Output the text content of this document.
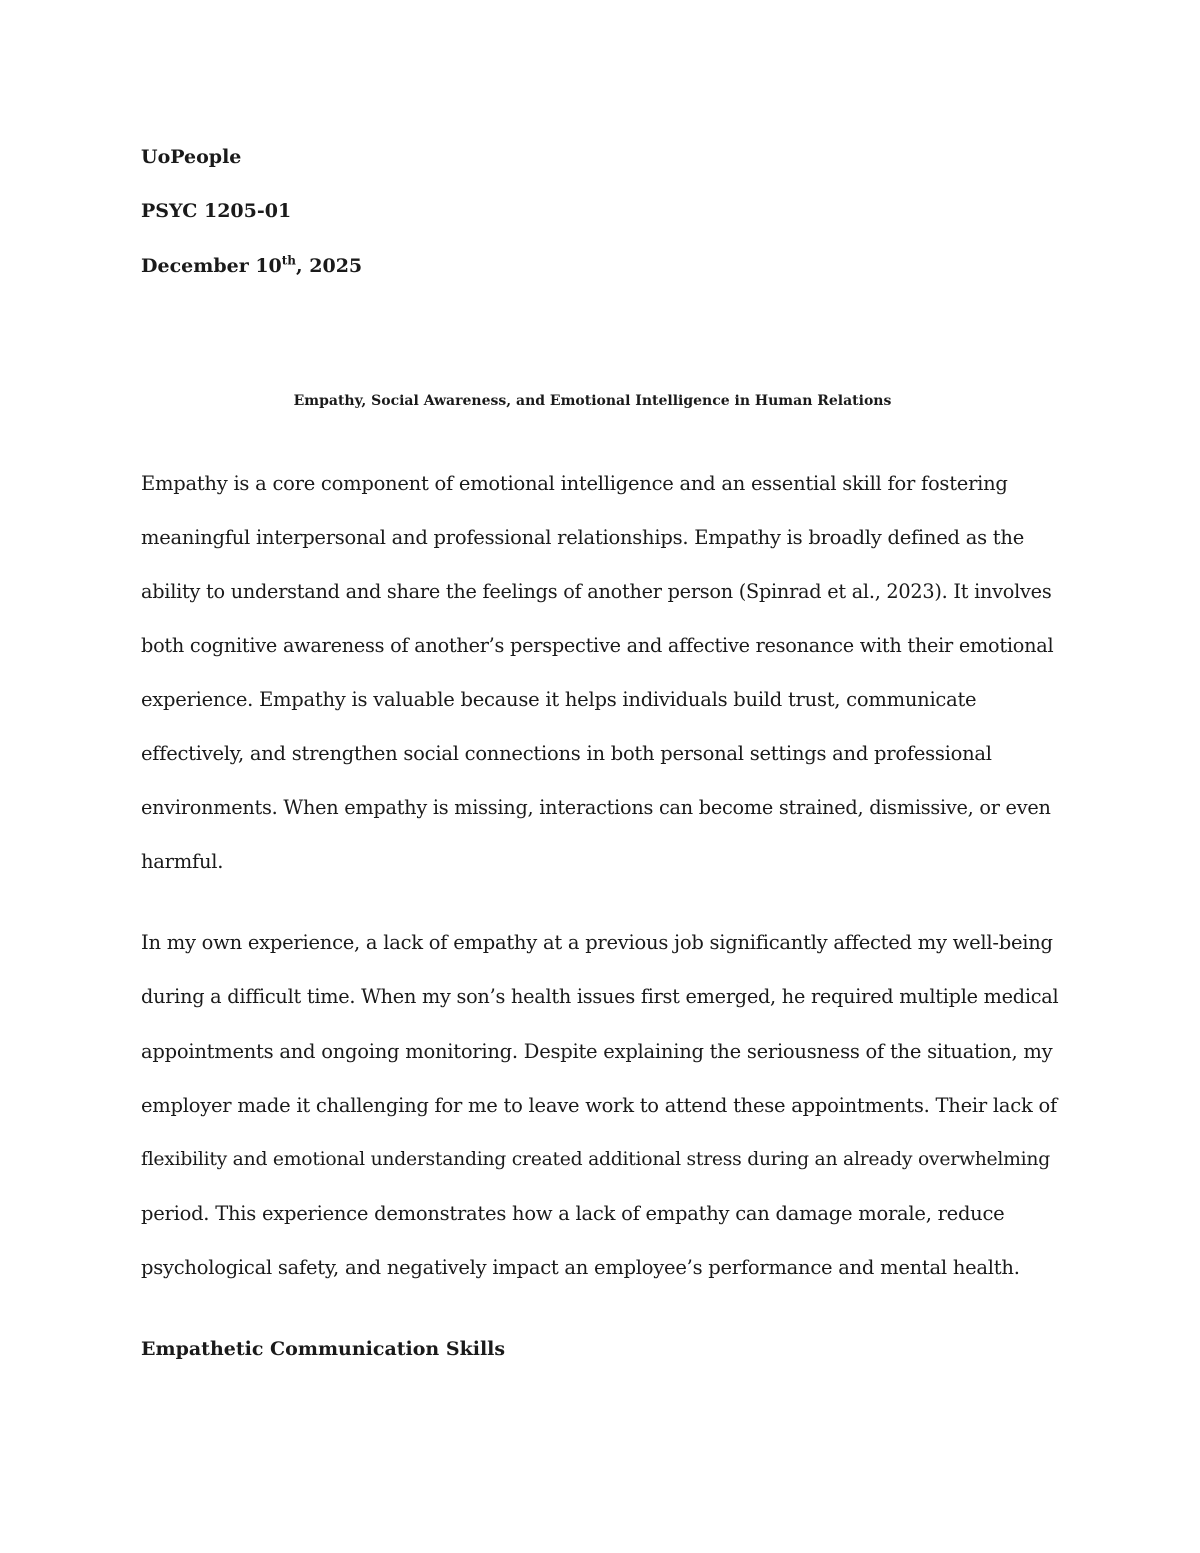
UoPeople
PSYC 1205-01
December 10th, 2025
Empathy, Social Awareness, and Emotional Intelligence in Human Relations
Empathy is a core component of emotional intelligence and an essential skill for fostering
meaningful interpersonal and professional relationships. Empathy is broadly defined as the
ability to understand and share the feelings of another person (Spinrad et al., 2023). It involves
both cognitive awareness of another’s perspective and affective resonance with their emotional
experience. Empathy is valuable because it helps individuals build trust, communicate
effectively, and strengthen social connections in both personal settings and professional
environments. When empathy is missing, interactions can become strained, dismissive, or even
harmful.
In my own experience, a lack of empathy at a previous job significantly affected my well-being
during a difficult time. When my son’s health issues first emerged, he required multiple medical
appointments and ongoing monitoring. Despite explaining the seriousness of the situation, my
employer made it challenging for me to leave work to attend these appointments. Their lack of
flexibility and emotional understanding created additional stress during an already overwhelming
period. This experience demonstrates how a lack of empathy can damage morale, reduce
psychological safety, and negatively impact an employee’s performance and mental health.
Empathetic Communication Skills
